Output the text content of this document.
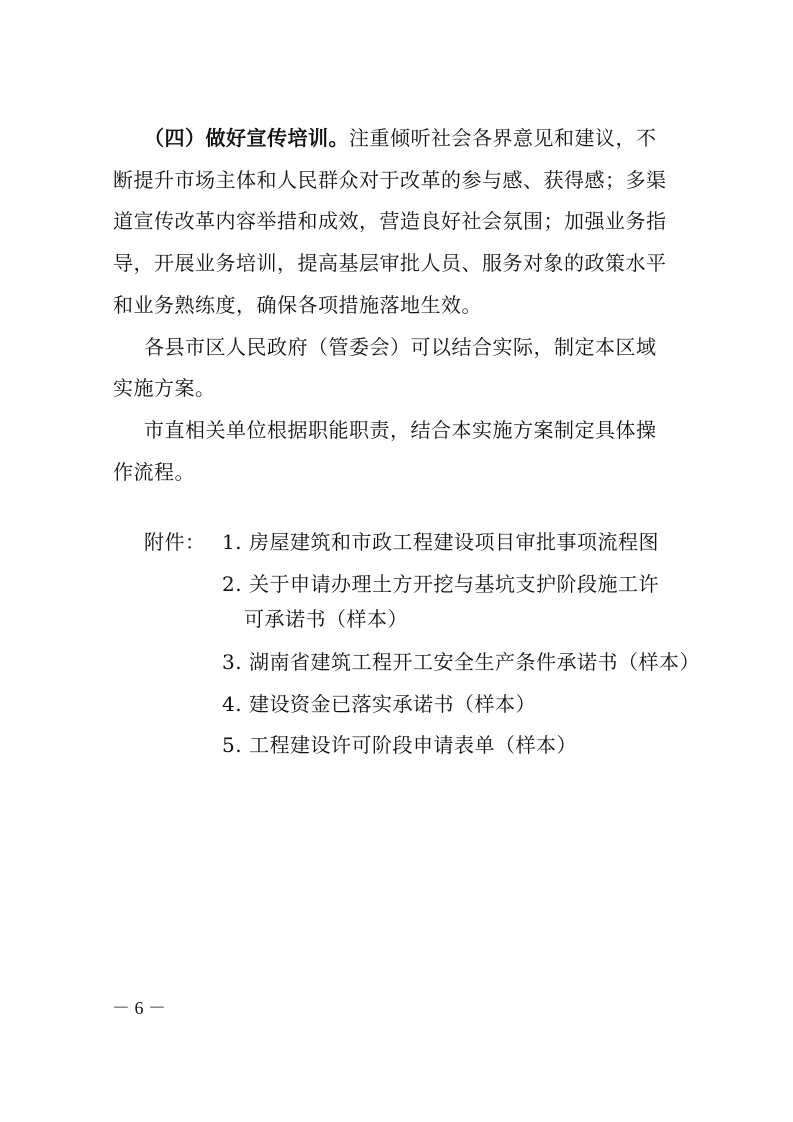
（四）做好宣传培训。注重倾听社会各界意见和建议，不
断提升市场主体和人民群众对于改革的参与感、获得感；多渠
道宣传改革内容举措和成效，营造良好社会氛围；加强业务指
导，开展业务培训，提高基层审批人员、服务对象的政策水平
和业务熟练度，确保各项措施落地生效。
各县市区人民政府（管委会）可以结合实际，制定本区域
实施方案。
市直相关单位根据职能职责，结合本实施方案制定具体操
作流程。
附件： 1. 房屋建筑和市政工程建设项目审批事项流程图
2. 关于申请办理土方开挖与基坑支护阶段施工许
可承诺书（样本）
3. 湖南省建筑工程开工安全生产条件承诺书（样本）
4. 建设资金已落实承诺书（样本）
5. 工程建设许可阶段申请表单（样本）
－ 6 －
